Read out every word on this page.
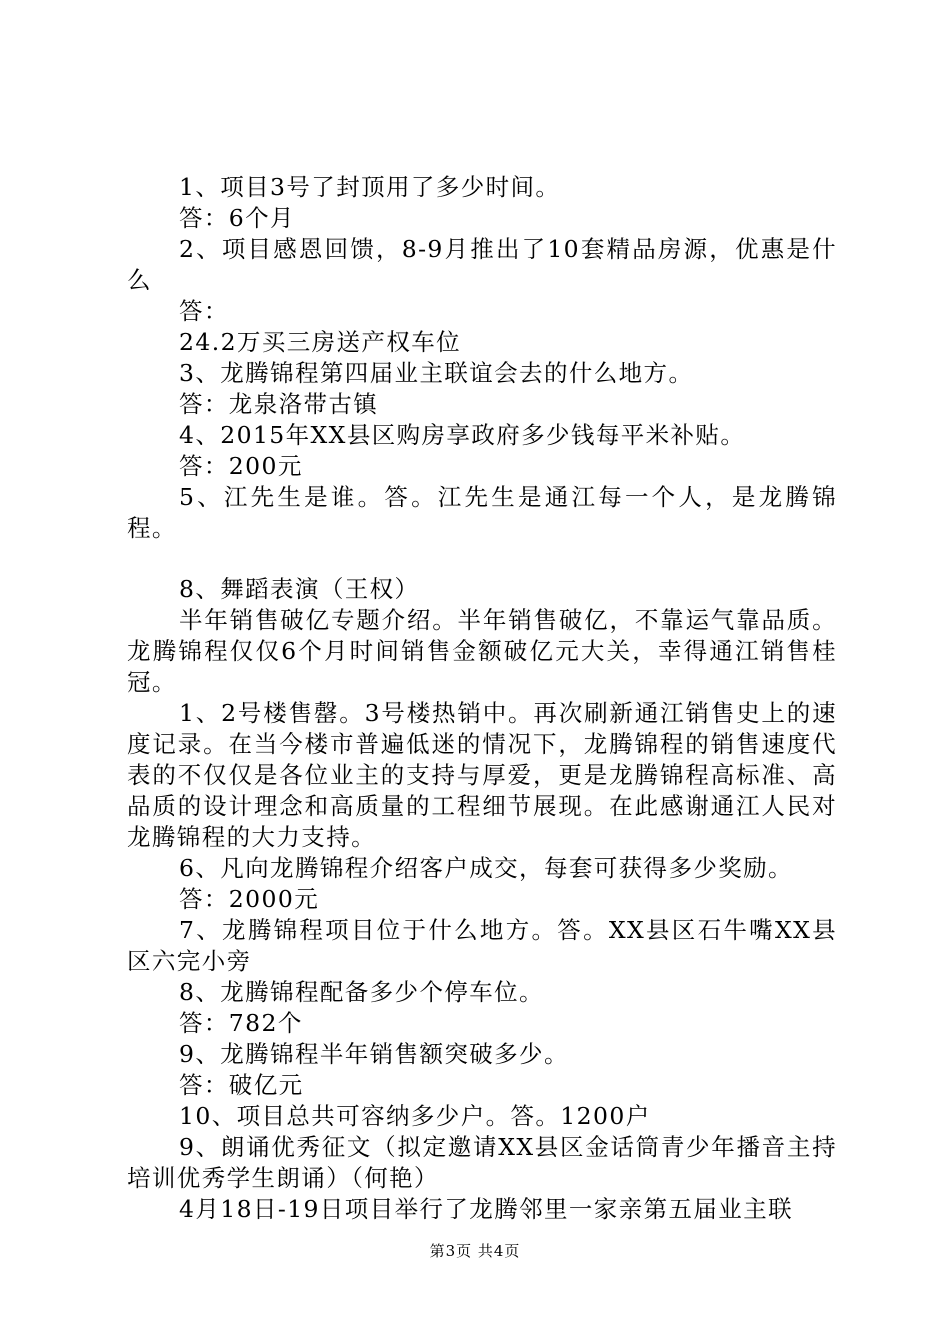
1、项目3号了封顶用了多少时间。

答：6个月

2、项目感恩回馈，8-9月推出了10套精品房源，优惠是什么

答：

24.2万买三房送产权车位

3、龙腾锦程第四届业主联谊会去的什么地方。

答：龙泉洛带古镇

4、2015年XX县区购房享政府多少钱每平米补贴。

答：200元

5、江先生是谁。答。江先生是通江每一个人，是龙腾锦程。

8、舞蹈表演（王权）

半年销售破亿专题介绍。半年销售破亿，不靠运气靠品质。龙腾锦程仅仅6个月时间销售金额破亿元大关，幸得通江销售桂冠。

1、2号楼售罄。3号楼热销中。再次刷新通江销售史上的速度记录。在当今楼市普遍低迷的情况下，龙腾锦程的销售速度代表的不仅仅是各位业主的支持与厚爱，更是龙腾锦程高标准、高品质的设计理念和高质量的工程细节展现。在此感谢通江人民对龙腾锦程的大力支持。

6、凡向龙腾锦程介绍客户成交，每套可获得多少奖励。

答：2000元

7、龙腾锦程项目位于什么地方。答。XX县区石牛嘴XX县区六完小旁

8、龙腾锦程配备多少个停车位。

答：782个

9、龙腾锦程半年销售额突破多少。

答：破亿元

10、项目总共可容纳多少户。答。1200户

9、朗诵优秀征文（拟定邀请XX县区金话筒青少年播音主持培训优秀学生朗诵）（何艳）

4月18日-19日项目举行了龙腾邻里一家亲第五届业主联

第3页 共4页
